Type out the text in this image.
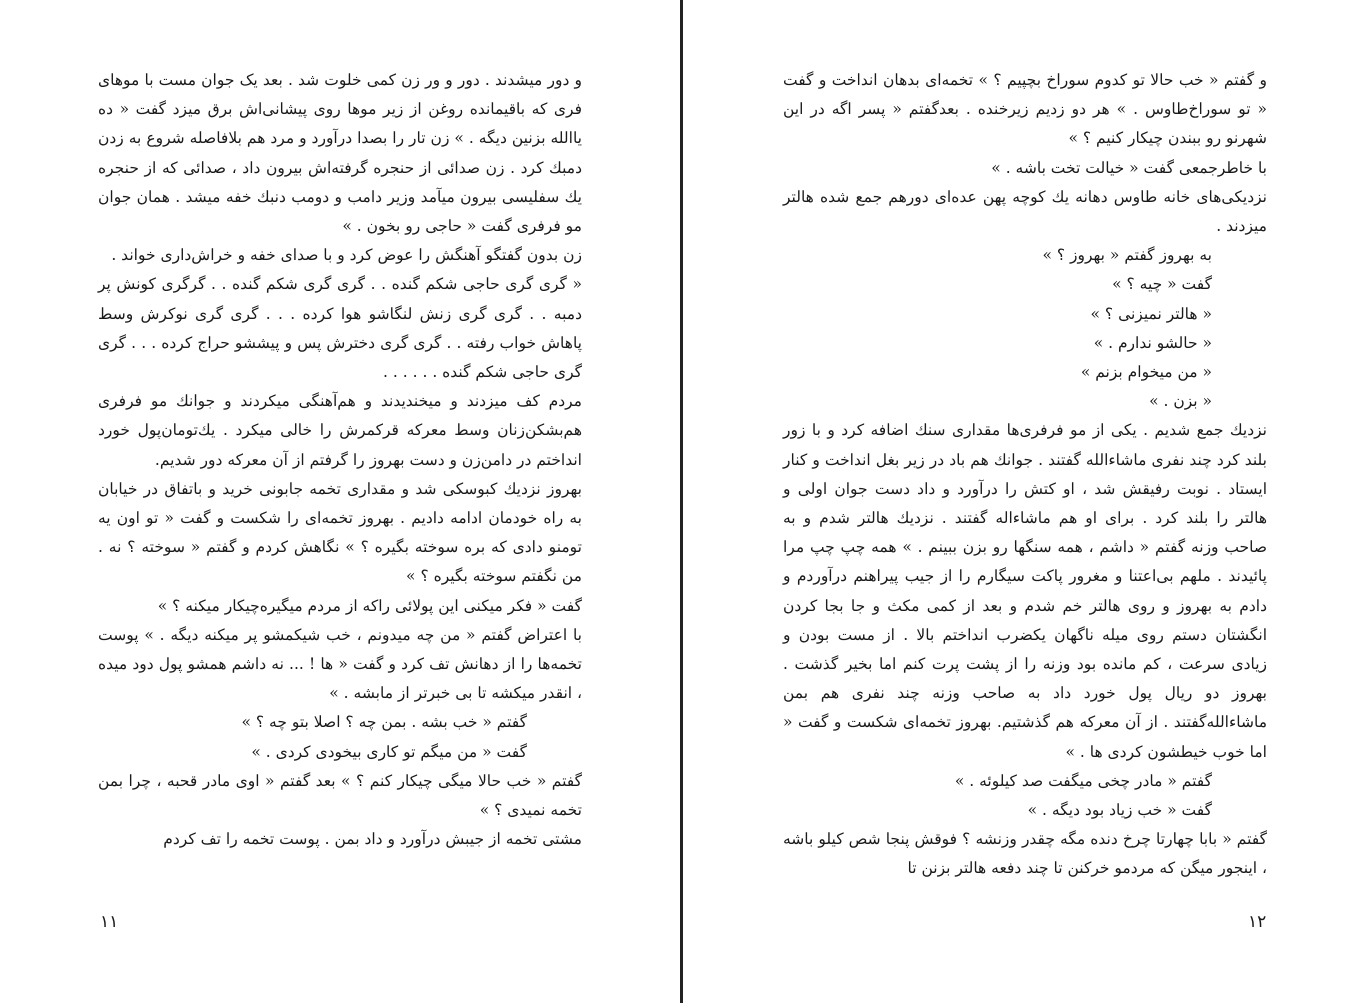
و دور میشدند . دور و ور زن کمی خلوت شد . بعد یک جوان مست با موهای فری که باقیمانده روغن از زیر موها روی پیشانی‌اش برق میزد گفت « ده یاالله بزنین دیگه . » زن تار را بصدا درآورد و مرد هم بلافاصله شروع به زدن دمبك کرد . زن صدائی از حنجره گرفته‌اش بیرون داد ، صدائی که از حنجره یك سفلیسی بیرون میآمد وزیر دامب و دومب دنبك خفه میشد . همان جوان مو فرفری گفت « حاجی رو بخون . »

زن بدون گفتگو آهنگش را عوض کرد و با صدای خفه و خراش‌داری خواند .

« گری گری حاجی شکم گنده . . گری گری شکم گنده . . گرگری کونش پر دمبه . . گری گری زنش لنگاشو هوا کرده . . . گری گری نوکرش وسط پاهاش خواب رفته . . گری گری دخترش پس و پیششو حراج کرده . . . گری گری حاجی شکم گنده . . . . . .

مردم کف میزدند و میخندیدند و هم‌آهنگی میکردند و جوانك مو فرفری هم‌بشکن‌زنان وسط معرکه قرکمرش را خالی میکرد . یك‌تومان‌پول خورد انداختم در دامن‌زن و دست بهروز را گرفتم از آن معرکه دور شدیم.

بهروز نزدیك کبوسکی شد و مقداری تخمه جابونی خرید و باتفاق در خیابان به راه خودمان ادامه دادیم . بهروز تخمه‌ای را شکست و گفت « تو اون یه تومنو دادی که بره سوخته بگیره ؟ » نگاهش کردم و گفتم « سوخته ؟ نه . من نگفتم سوخته بگیره ؟ »

گفت « فکر میکنی این پولائی راکه از مردم میگیره‌چیکار میکنه ؟ »

با اعتراض گفتم « من چه میدونم ، خب شیکمشو پر میکنه دیگه . » پوست تخمه‌ها را از دهانش تف کرد و گفت « ها ! ... نه داشم همشو پول دود میده ، انقدر میکشه تا بی خبرتر از مابشه . »

گفتم « خب بشه . بمن چه ؟ اصلا بتو چه ؟ »

گفت « من میگم تو کاری بیخودی کردی . »

گفتم « خب حالا میگی چیکار کنم ؟ » بعد گفتم « اوی مادر قحبه ، چرا بمن تخمه نمیدی ؟ »

مشتی تخمه از جیبش درآورد و داد بمن . پوست تخمه را تف کردم

۱۱

و گفتم « خب حالا تو کدوم سوراخ بچپیم ؟ » تخمه‌ای بدهان انداخت و گفت « تو سوراخ‌طاوس . » هر دو زدیم زیرخنده . بعدگفتم « پسر اگه در این شهرنو رو ببندن چیکار کنیم ؟ »

با خاطرجمعی گفت « خیالت تخت باشه . »

نزدیکی‌های خانه طاوس دهانه یك کوچه پهن عده‌ای دورهم جمع شده هالتر میزدند .

به بهروز گفتم « بهروز ؟ »

گفت « چیه ؟ »

« هالتر نمیزنی ؟ »

« حالشو ندارم . »

« من میخوام بزنم »

« بزن . »

نزدیك جمع شدیم . یکی از مو فرفری‌ها مقداری سنك اضافه کرد و با زور بلند کرد چند نفری ماشاءالله گفتند . جوانك هم باد در زیر بغل انداخت و کنار ایستاد . نوبت رفیقش شد ، او کتش را درآورد و داد دست جوان اولی و هالتر را بلند کرد . برای او هم ماشاءاله گفتند . نزدیك هالتر شدم و به صاحب وزنه گفتم « داشم ، همه سنگها رو بزن ببینم . » همه چپ چپ مرا پائیدند . ملهم بی‌اعتنا و مغرور پاکت سیگارم را از جیب پیراهنم درآوردم و دادم به بهروز و روی هالتر خم شدم و بعد از کمی مکث و جا بجا کردن انگشتان دستم روی میله ناگهان یکضرب انداختم بالا . از مست بودن و زیادی سرعت ، کم مانده بود وزنه را از پشت پرت کنم اما بخیر گذشت . بهروز دو ریال پول خورد داد به صاحب وزنه چند نفری هم بمن ماشاءالله‌گفتند . از آن معرکه هم گذشتیم. بهروز تخمه‌ای شکست و گفت « اما خوب خیطشون کردی ها . »

گفتم « مادر چخی میگفت صد کیلوئه . »

گفت « خب زیاد بود دیگه . »

گفتم « بابا چهارتا چرخ دنده مگه چقدر وزنشه ؟ فوقش پنجا شص کیلو باشه ، اینجور میگن که مردمو خرکنن تا چند دفعه هالتر بزنن تا

۱۲
